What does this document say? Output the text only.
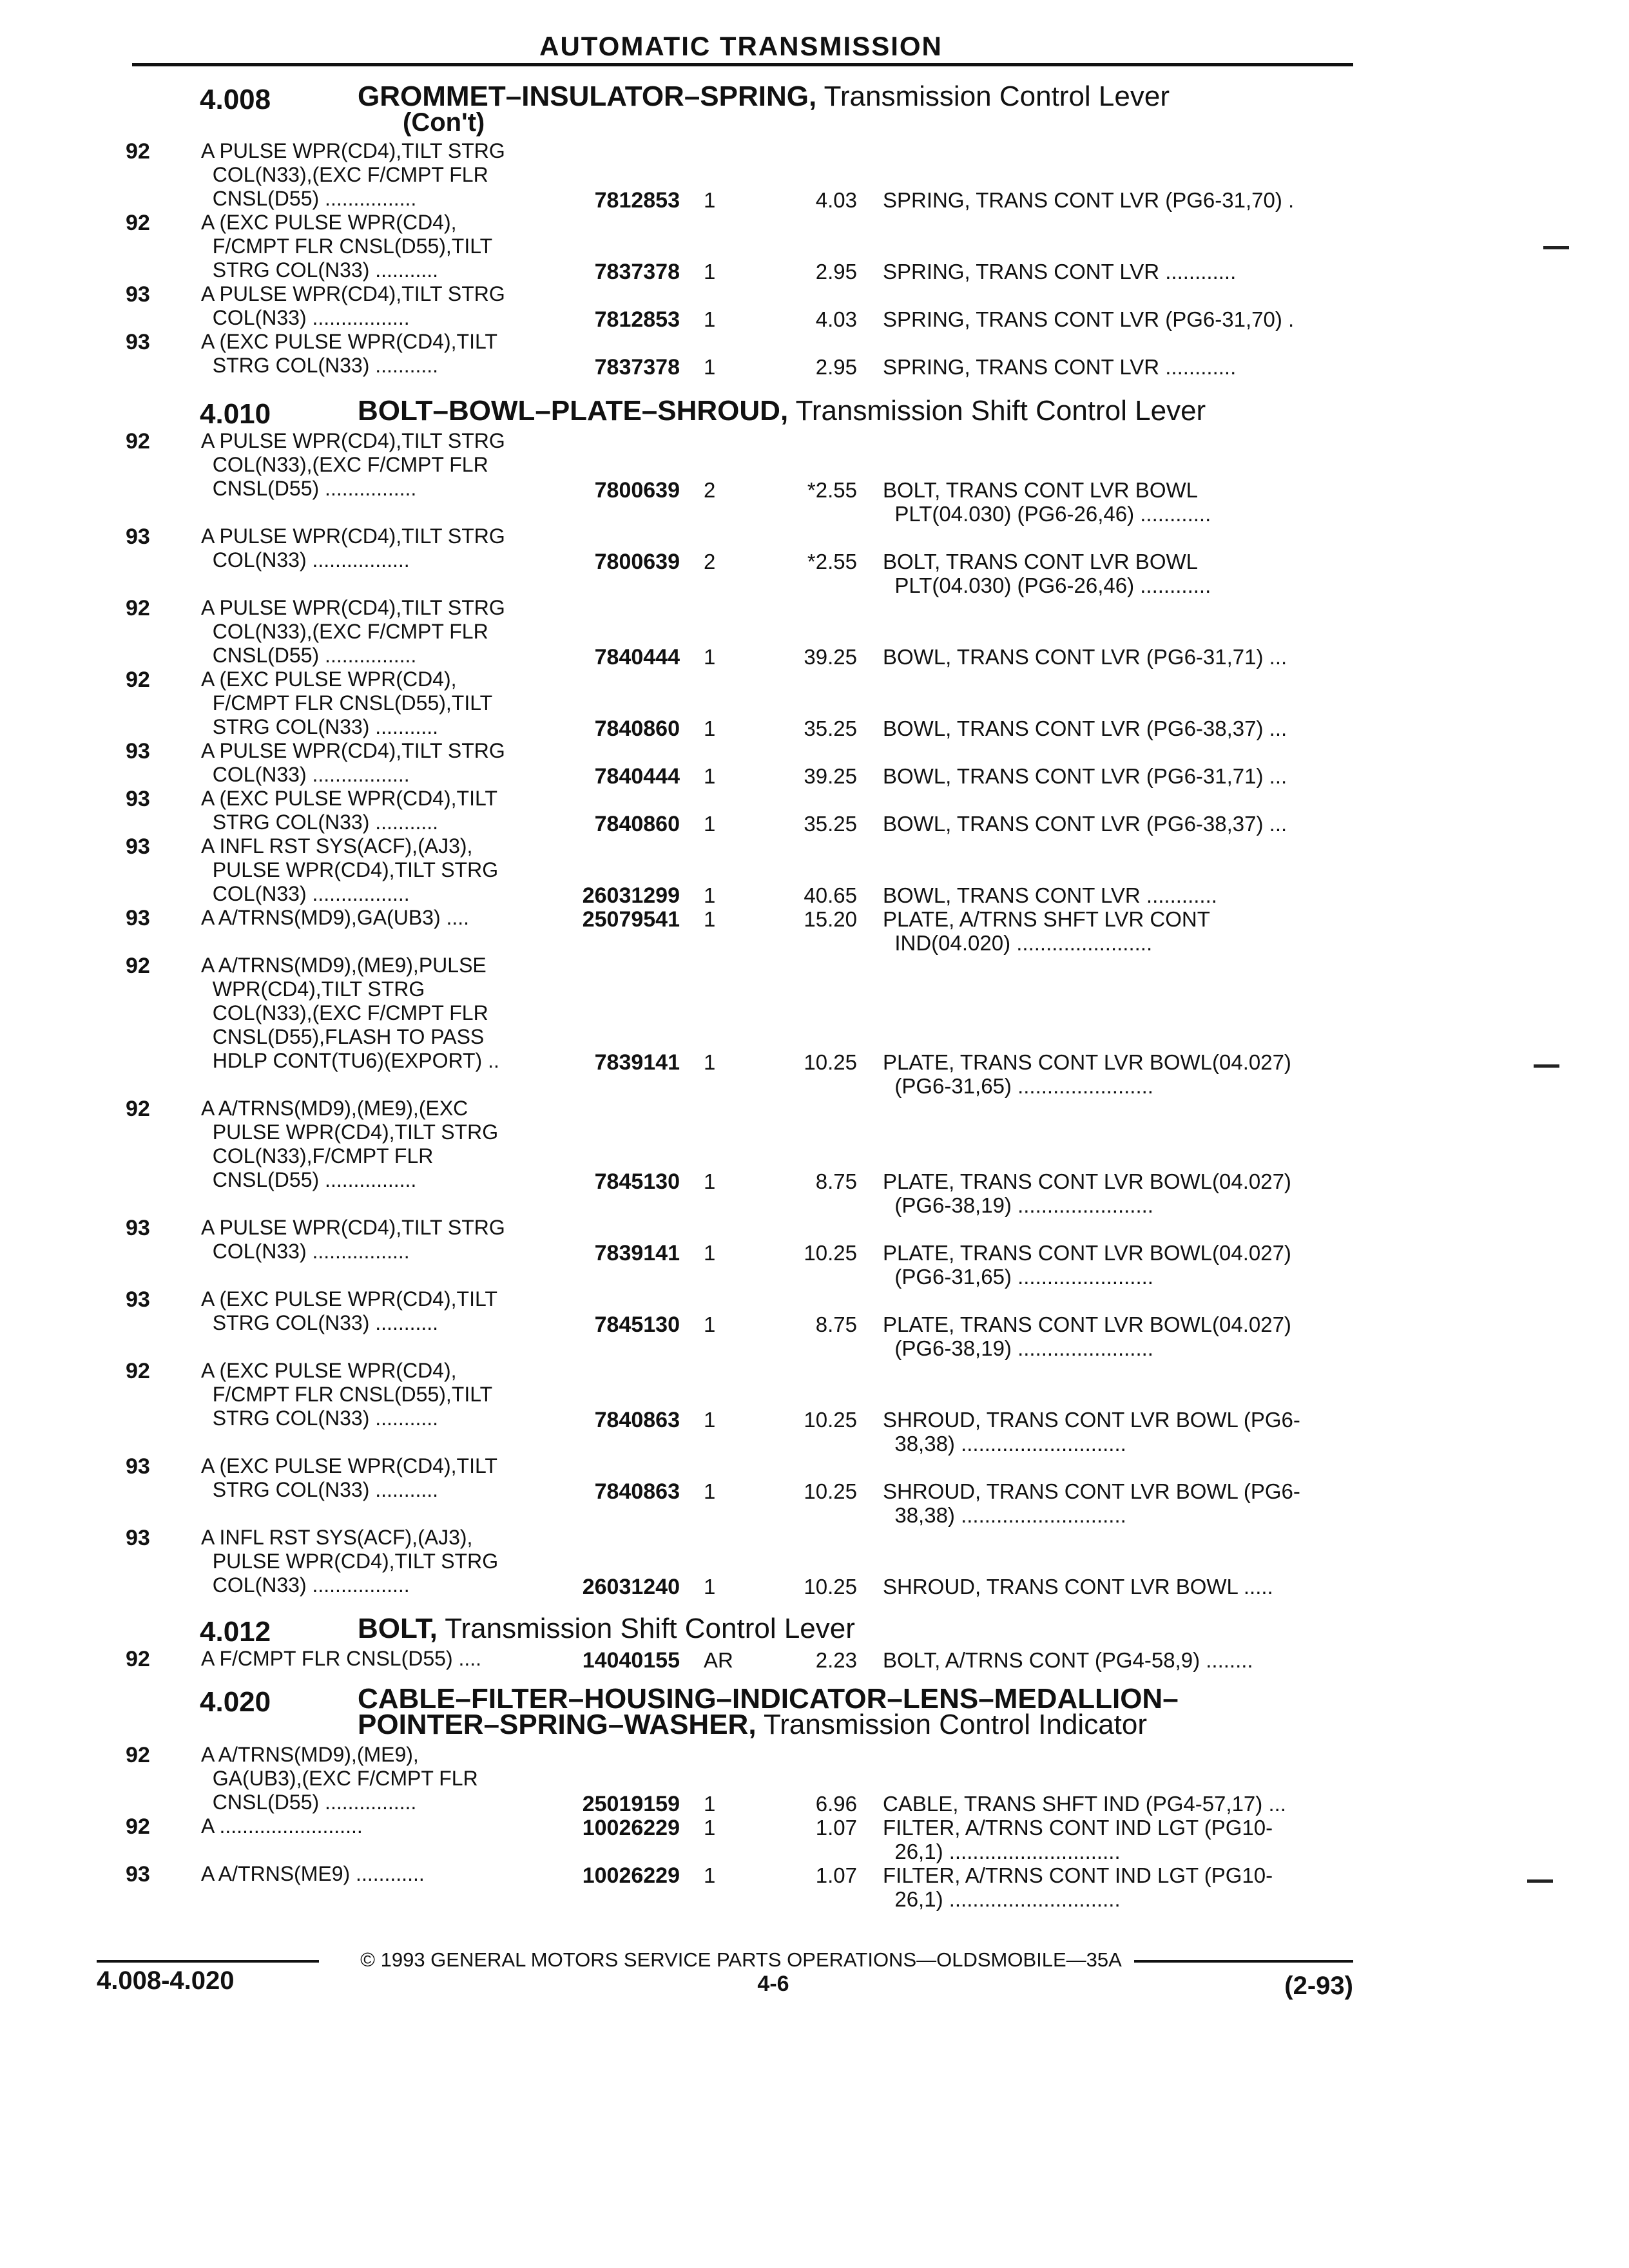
AUTOMATIC TRANSMISSION
4.008	GROMMET–INSULATOR–SPRING, Transmission Control Lever
(Con't)
92 A PULSE WPR(CD4),TILT STRG
COL(N33),(EXC F/CMPT FLR
CNSL(D55) ................	7812853 1	4.03 SPRING, TRANS CONT LVR (PG6-31,70) .
92 A (EXC PULSE WPR(CD4),
F/CMPT FLR CNSL(D55),TILT
STRG COL(N33) ...........	7837378 1	2.95 SPRING, TRANS CONT LVR ............
93 A PULSE WPR(CD4),TILT STRG
COL(N33) .................	7812853 1	4.03 SPRING, TRANS CONT LVR (PG6-31,70) .
93 A (EXC PULSE WPR(CD4),TILT
STRG COL(N33) ...........	7837378 1	2.95 SPRING, TRANS CONT LVR ............
4.010	BOLT–BOWL–PLATE–SHROUD, Transmission Shift Control Lever
92 A PULSE WPR(CD4),TILT STRG
COL(N33),(EXC F/CMPT FLR
CNSL(D55) ................	7800639 2	*2.55 BOLT, TRANS CONT LVR BOWL
PLT(04.030) (PG6-26,46) ............
93 A PULSE WPR(CD4),TILT STRG
COL(N33) .................	7800639 2	*2.55 BOLT, TRANS CONT LVR BOWL
PLT(04.030) (PG6-26,46) ............
92 A PULSE WPR(CD4),TILT STRG
COL(N33),(EXC F/CMPT FLR
CNSL(D55) ................	7840444 1	39.25 BOWL, TRANS CONT LVR (PG6-31,71) ...
92 A (EXC PULSE WPR(CD4),
F/CMPT FLR CNSL(D55),TILT
STRG COL(N33) ...........	7840860 1	35.25 BOWL, TRANS CONT LVR (PG6-38,37) ...
93 A PULSE WPR(CD4),TILT STRG
COL(N33) .................	7840444 1	39.25 BOWL, TRANS CONT LVR (PG6-31,71) ...
93 A (EXC PULSE WPR(CD4),TILT
STRG COL(N33) ...........	7840860 1	35.25 BOWL, TRANS CONT LVR (PG6-38,37) ...
93 A INFL RST SYS(ACF),(AJ3),
PULSE WPR(CD4),TILT STRG
COL(N33) .................	26031299 1	40.65 BOWL, TRANS CONT LVR ............
93 A A/TRNS(MD9),GA(UB3) ....	25079541 1	15.20 PLATE, A/TRNS SHFT LVR CONT
IND(04.020) .......................
92 A A/TRNS(MD9),(ME9),PULSE
WPR(CD4),TILT STRG
COL(N33),(EXC F/CMPT FLR
CNSL(D55),FLASH TO PASS
HDLP CONT(TU6)(EXPORT) ..	7839141 1	10.25 PLATE, TRANS CONT LVR BOWL(04.027)
(PG6-31,65) .......................
92 A A/TRNS(MD9),(ME9),(EXC
PULSE WPR(CD4),TILT STRG
COL(N33),F/CMPT FLR
CNSL(D55) ................	7845130 1	8.75 PLATE, TRANS CONT LVR BOWL(04.027)
(PG6-38,19) .......................
93 A PULSE WPR(CD4),TILT STRG
COL(N33) .................	7839141 1	10.25 PLATE, TRANS CONT LVR BOWL(04.027)
(PG6-31,65) .......................
93 A (EXC PULSE WPR(CD4),TILT
STRG COL(N33) ...........	7845130 1	8.75 PLATE, TRANS CONT LVR BOWL(04.027)
(PG6-38,19) .......................
92 A (EXC PULSE WPR(CD4),
F/CMPT FLR CNSL(D55),TILT
STRG COL(N33) ...........	7840863 1	10.25 SHROUD, TRANS CONT LVR BOWL (PG6-
38,38) ............................
93 A (EXC PULSE WPR(CD4),TILT
STRG COL(N33) ...........	7840863 1	10.25 SHROUD, TRANS CONT LVR BOWL (PG6-
38,38) ............................
93 A INFL RST SYS(ACF),(AJ3),
PULSE WPR(CD4),TILT STRG
COL(N33) .................	26031240 1	10.25 SHROUD, TRANS CONT LVR BOWL .....
4.012	BOLT, Transmission Shift Control Lever
92 A F/CMPT FLR CNSL(D55) ....	14040155 AR	2.23 BOLT, A/TRNS CONT (PG4-58,9) ........
4.020	CABLE–FILTER–HOUSING–INDICATOR–LENS–MEDALLION–
POINTER–SPRING–WASHER, Transmission Control Indicator
92 A A/TRNS(MD9),(ME9),
GA(UB3),(EXC F/CMPT FLR
CNSL(D55) ................	25019159 1	6.96 CABLE, TRANS SHFT IND (PG4-57,17) ...
92 A .........................	10026229 1	1.07 FILTER, A/TRNS CONT IND LGT (PG10-
26,1) .............................
93 A A/TRNS(ME9) ............	10026229 1	1.07 FILTER, A/TRNS CONT IND LGT (PG10-
26,1) .............................
© 1993 GENERAL MOTORS SERVICE PARTS OPERATIONS—OLDSMOBILE—35A
4.008-4.020	4-6	(2-93)
